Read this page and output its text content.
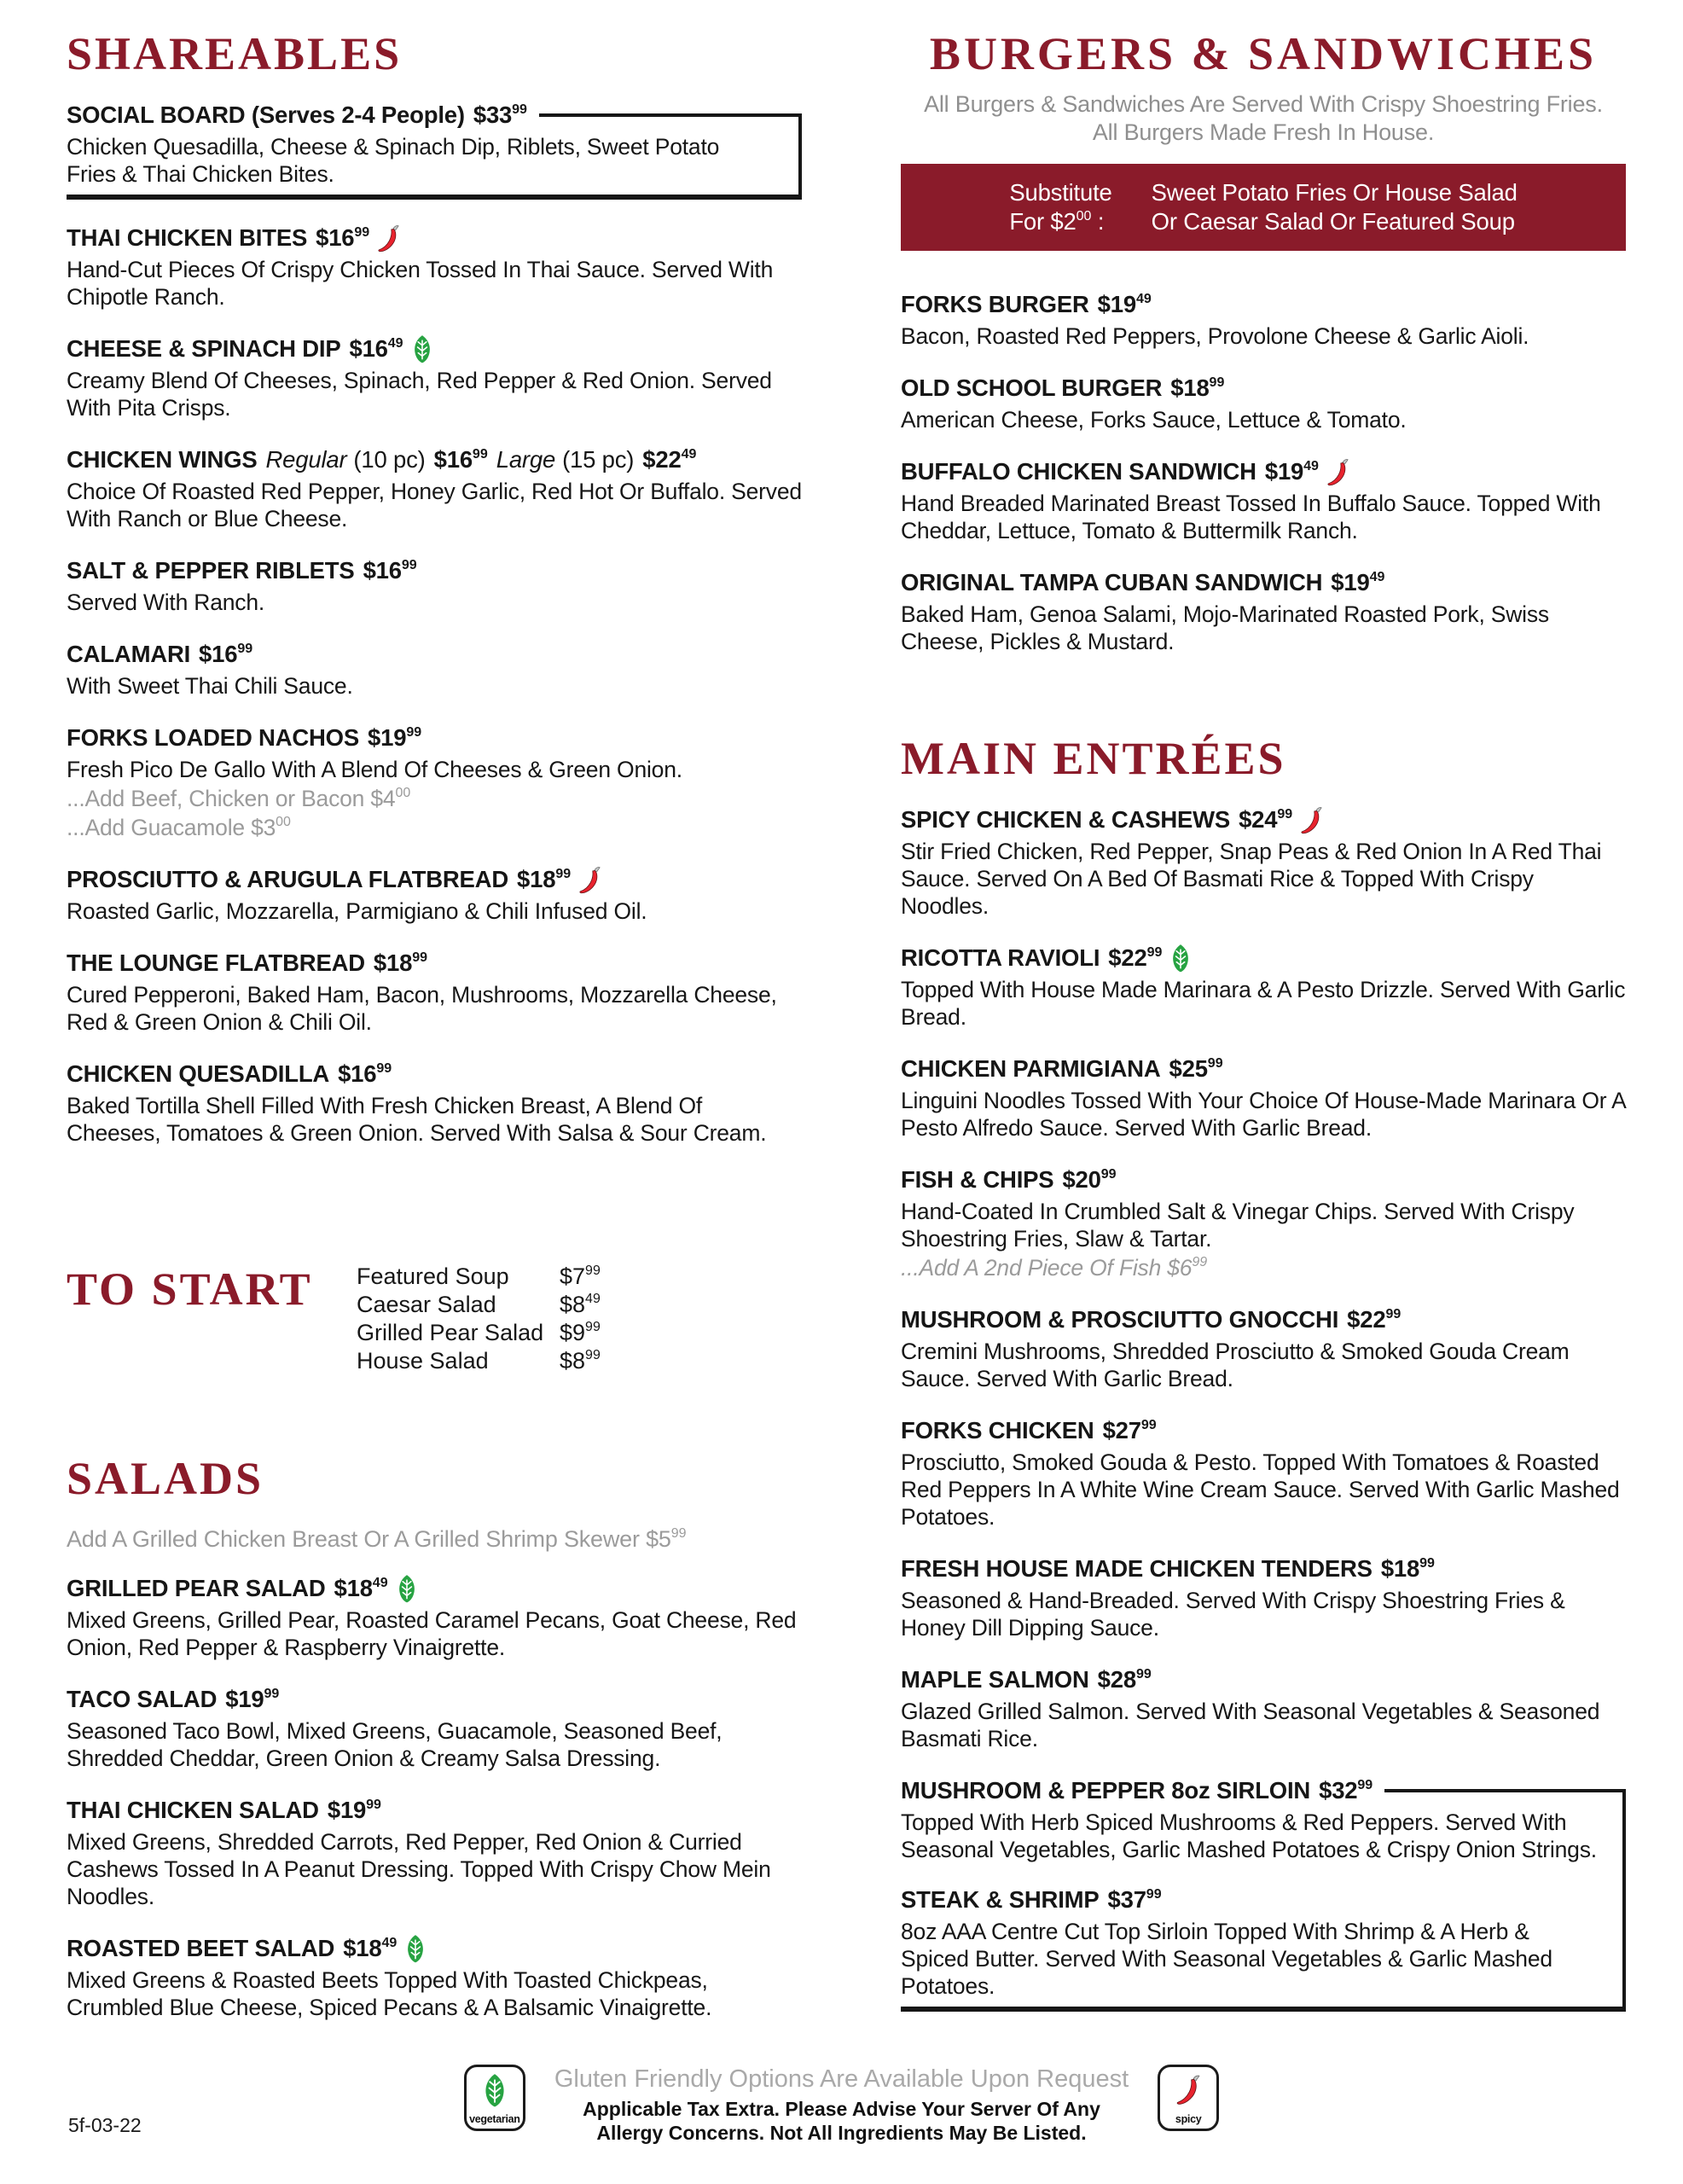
SHAREABLES
SOCIAL BOARD (Serves 2-4 People) $\$33^{99}$

Chicken Quesadilla, Cheese & Spinach Dip, Riblets, Sweet Potato Fries & Thai Chicken Bites.

THAI CHICKEN BITES $\$16^{99}$

Hand-Cut Pieces Of Crispy Chicken Tossed In Thai Sauce. Served With Chipotle Ranch.

CHEESE & SPINACH DIP $\$16^{49}$

Creamy Blend Of Cheeses, Spinach, Red Pepper & Red Onion. Served With Pita Crisps.

CHICKEN WINGS Regular (10 pc) $\$16^{99}$ Large (15 pc) $\$22^{49}$

Choice Of Roasted Red Pepper, Honey Garlic, Red Hot Or Buffalo. Served With Ranch or Blue Cheese.

SALT & PEPPER RIBLETS $\$16^{99}$

Served With Ranch.

CALAMARI $\$16^{99}$

With Sweet Thai Chili Sauce.

FORKS LOADED NACHOS $\$19^{99}$

Fresh Pico De Gallo With A Blend Of Cheeses & Green Onion.

...Add Beef, Chicken or Bacon $\$4^{00}$

...Add Guacamole $\$3^{00}$

PROSCIUTTO & ARUGULA FLATBREAD $\$18^{99}$

Roasted Garlic, Mozzarella, Parmigiano & Chili Infused Oil.

THE LOUNGE FLATBREAD $\$18^{99}$

Cured Pepperoni, Baked Ham, Bacon, Mushrooms, Mozzarella Cheese, Red & Green Onion & Chili Oil.

CHICKEN QUESADILLA $\$16^{99}$

Baked Tortilla Shell Filled With Fresh Chicken Breast, A Blend Of Cheeses, Tomatoes & Green Onion. Served With Salsa & Sour Cream.

TO START	Featured Soup $\$7^{99}$
Caesar Salad	$\$8^{49}$
Grilled Pear Salad $\$9^{99}$
House Salad	$\$8^{99}$
SALADS

Add A Grilled Chicken Breast Or A Grilled Shrimp Skewer $\$5^{99}$

GRILLED PEAR SALAD $\$18^{49}$

Mixed Greens, Grilled Pear, Roasted Caramel Pecans, Goat Cheese, Red Onion, Red Pepper & Raspberry Vinaigrette.

TACO SALAD $\$19^{99}$

Seasoned Taco Bowl, Mixed Greens, Guacamole, Seasoned Beef, Shredded Cheddar, Green Onion & Creamy Salsa Dressing.

THAI CHICKEN SALAD $\$19^{99}$

Mixed Greens, Shredded Carrots, Red Pepper, Red Onion & Curried Cashews Tossed In A Peanut Dressing. Topped With Crispy Chow Mein Noodles.

ROASTED BEET SALAD $\$18^{49}$

Mixed Greens & Roasted Beets Topped With Toasted Chickpeas, Crumbled Blue Cheese, Spiced Pecans & A Balsamic Vinaigrette.

BURGERS & SANDWICHES

All Burgers & Sandwiches Are Served With Crispy Shoestring Fries.

All Burgers Made Fresh In House.

Substitute
For $\$2^{00}$ :
Sweet Potato Fries Or House Salad
Or Caesar Salad Or Featured Soup
FORKS BURGER $\$19^{49}$

Bacon, Roasted Red Peppers, Provolone Cheese & Garlic Aioli.

OLD SCHOOL BURGER $\$18^{99}$

American Cheese, Forks Sauce, Lettuce & Tomato.

BUFFALO CHICKEN SANDWICH $\$19^{49}$

Hand Breaded Marinated Breast Tossed In Buffalo Sauce. Topped With Cheddar, Lettuce, Tomato & Buttermilk Ranch.

ORIGINAL TAMPA CUBAN SANDWICH $\$19^{49}$

Baked Ham, Genoa Salami, Mojo-Marinated Roasted Pork, Swiss Cheese, Pickles & Mustard.

MAIN ENTRÉES
SPICY CHICKEN & CASHEWS $\$24^{99}$

Stir Fried Chicken, Red Pepper, Snap Peas & Red Onion In A Red Thai Sauce. Served On A Bed Of Basmati Rice & Topped With Crispy Noodles.

RICOTTA RAVIOLI $\$22^{99}$

Topped With House Made Marinara & A Pesto Drizzle. Served With Garlic Bread.

CHICKEN PARMIGIANA $\$25^{99}$

Linguini Noodles Tossed With Your Choice Of House-Made Marinara Or A Pesto Alfredo Sauce. Served With Garlic Bread.

FISH & CHIPS $\$20^{99}$

Hand-Coated In Crumbled Salt & Vinegar Chips. Served With Crispy Shoestring Fries, Slaw & Tartar.

...Add A 2nd Piece Of Fish $\$6^{99}$

MUSHROOM & PROSCIUTTO GNOCCHI $\$22^{99}$

Cremini Mushrooms, Shredded Prosciutto & Smoked Gouda Cream Sauce. Served With Garlic Bread.

FORKS CHICKEN $\$27^{99}$

Prosciutto, Smoked Gouda & Pesto. Topped With Tomatoes & Roasted Red Peppers In A White Wine Cream Sauce. Served With Garlic Mashed Potatoes.

FRESH HOUSE MADE CHICKEN TENDERS $\$18^{99}$

Seasoned & Hand-Breaded. Served With Crispy Shoestring Fries & Honey Dill Dipping Sauce.

MAPLE SALMON $\$28^{99}$

Glazed Grilled Salmon. Served With Seasonal Vegetables & Seasoned Basmati Rice.

MUSHROOM & PEPPER 8oz SIRLOIN $\$32^{99}$

Topped With Herb Spiced Mushrooms & Red Peppers. Served With Seasonal Vegetables, Garlic Mashed Potatoes & Crispy Onion Strings.

STEAK & SHRIMP $\$37^{99}$

8oz AAA Centre Cut Top Sirloin Topped With Shrimp & A Herb & Spiced Butter. Served With Seasonal Vegetables & Garlic Mashed Potatoes.

vegetarian

Gluten Friendly Options Are Available Upon Request

Applicable Tax Extra. Please Advise Your Server Of Any

Allergy Concerns. Not All Ingredients May Be Listed.

spicy
5f-03-22
